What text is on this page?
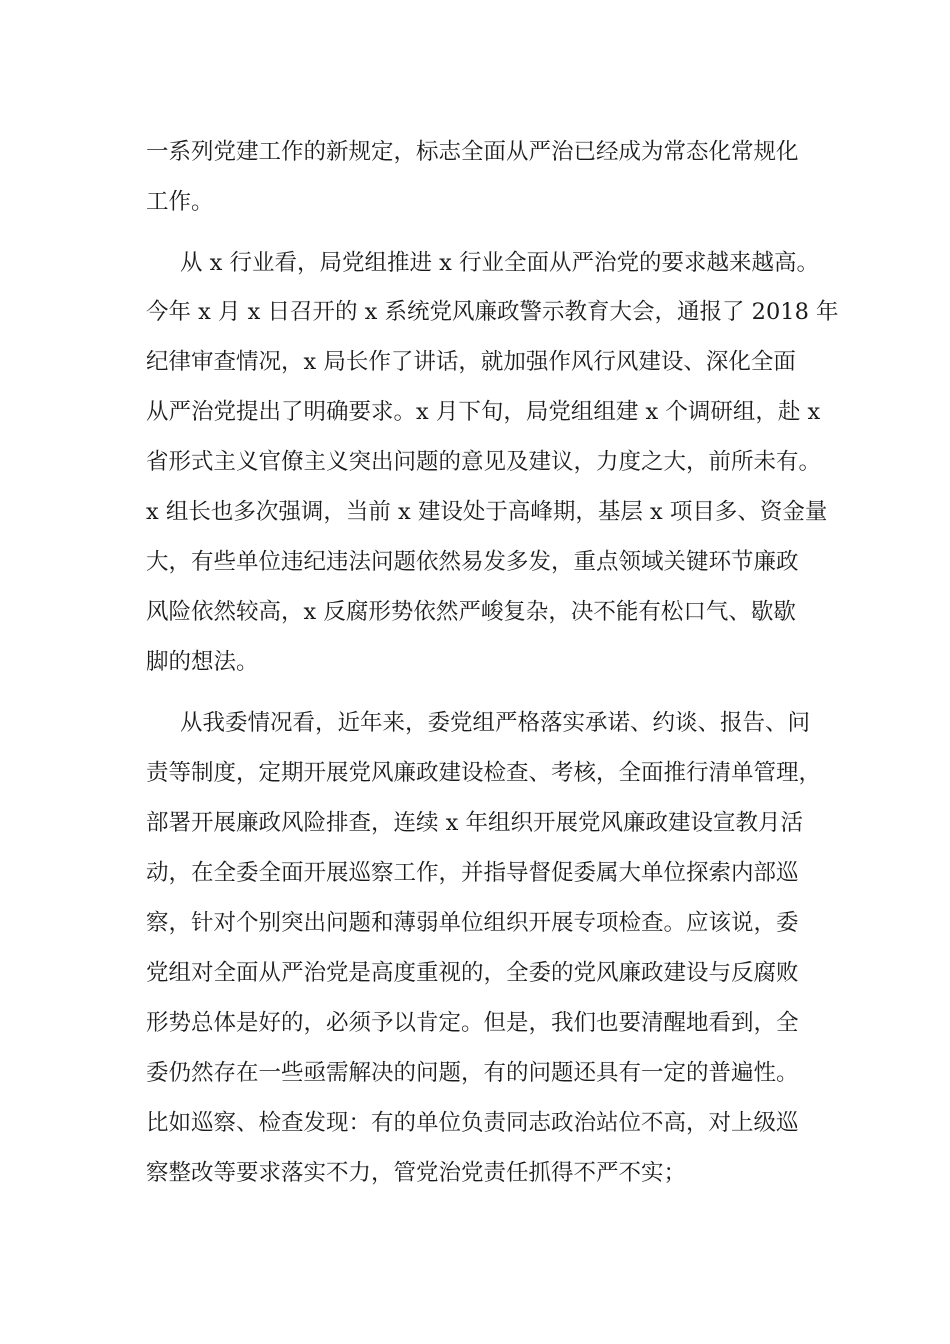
一系列党建工作的新规定，标志全面从严治已经成为常态化常规化

工作。

从 x 行业看，局党组推进 x 行业全面从严治党的要求越来越高。

今年 x 月 x 日召开的 x 系统党风廉政警示教育大会，通报了 2018 年

纪律审查情况，x 局长作了讲话，就加强作风行风建设、深化全面

从严治党提出了明确要求。x 月下旬，局党组组建 x 个调研组，赴 x

省形式主义官僚主义突出问题的意见及建议，力度之大，前所未有。

x 组长也多次强调，当前 x 建设处于高峰期，基层 x 项目多、资金量

大，有些单位违纪违法问题依然易发多发，重点领域关键环节廉政

风险依然较高，x 反腐形势依然严峻复杂，决不能有松口气、歇歇

脚的想法。

从我委情况看，近年来，委党组严格落实承诺、约谈、报告、问

责等制度，定期开展党风廉政建设检查、考核，全面推行清单管理，

部署开展廉政风险排查，连续 x 年组织开展党风廉政建设宣教月活

动，在全委全面开展巡察工作，并指导督促委属大单位探索内部巡

察，针对个别突出问题和薄弱单位组织开展专项检查。应该说，委

党组对全面从严治党是高度重视的，全委的党风廉政建设与反腐败

形势总体是好的，必须予以肯定。但是，我们也要清醒地看到，全

委仍然存在一些亟需解决的问题，有的问题还具有一定的普遍性。

比如巡察、检查发现：有的单位负责同志政治站位不高，对上级巡

察整改等要求落实不力，管党治党责任抓得不严不实；
